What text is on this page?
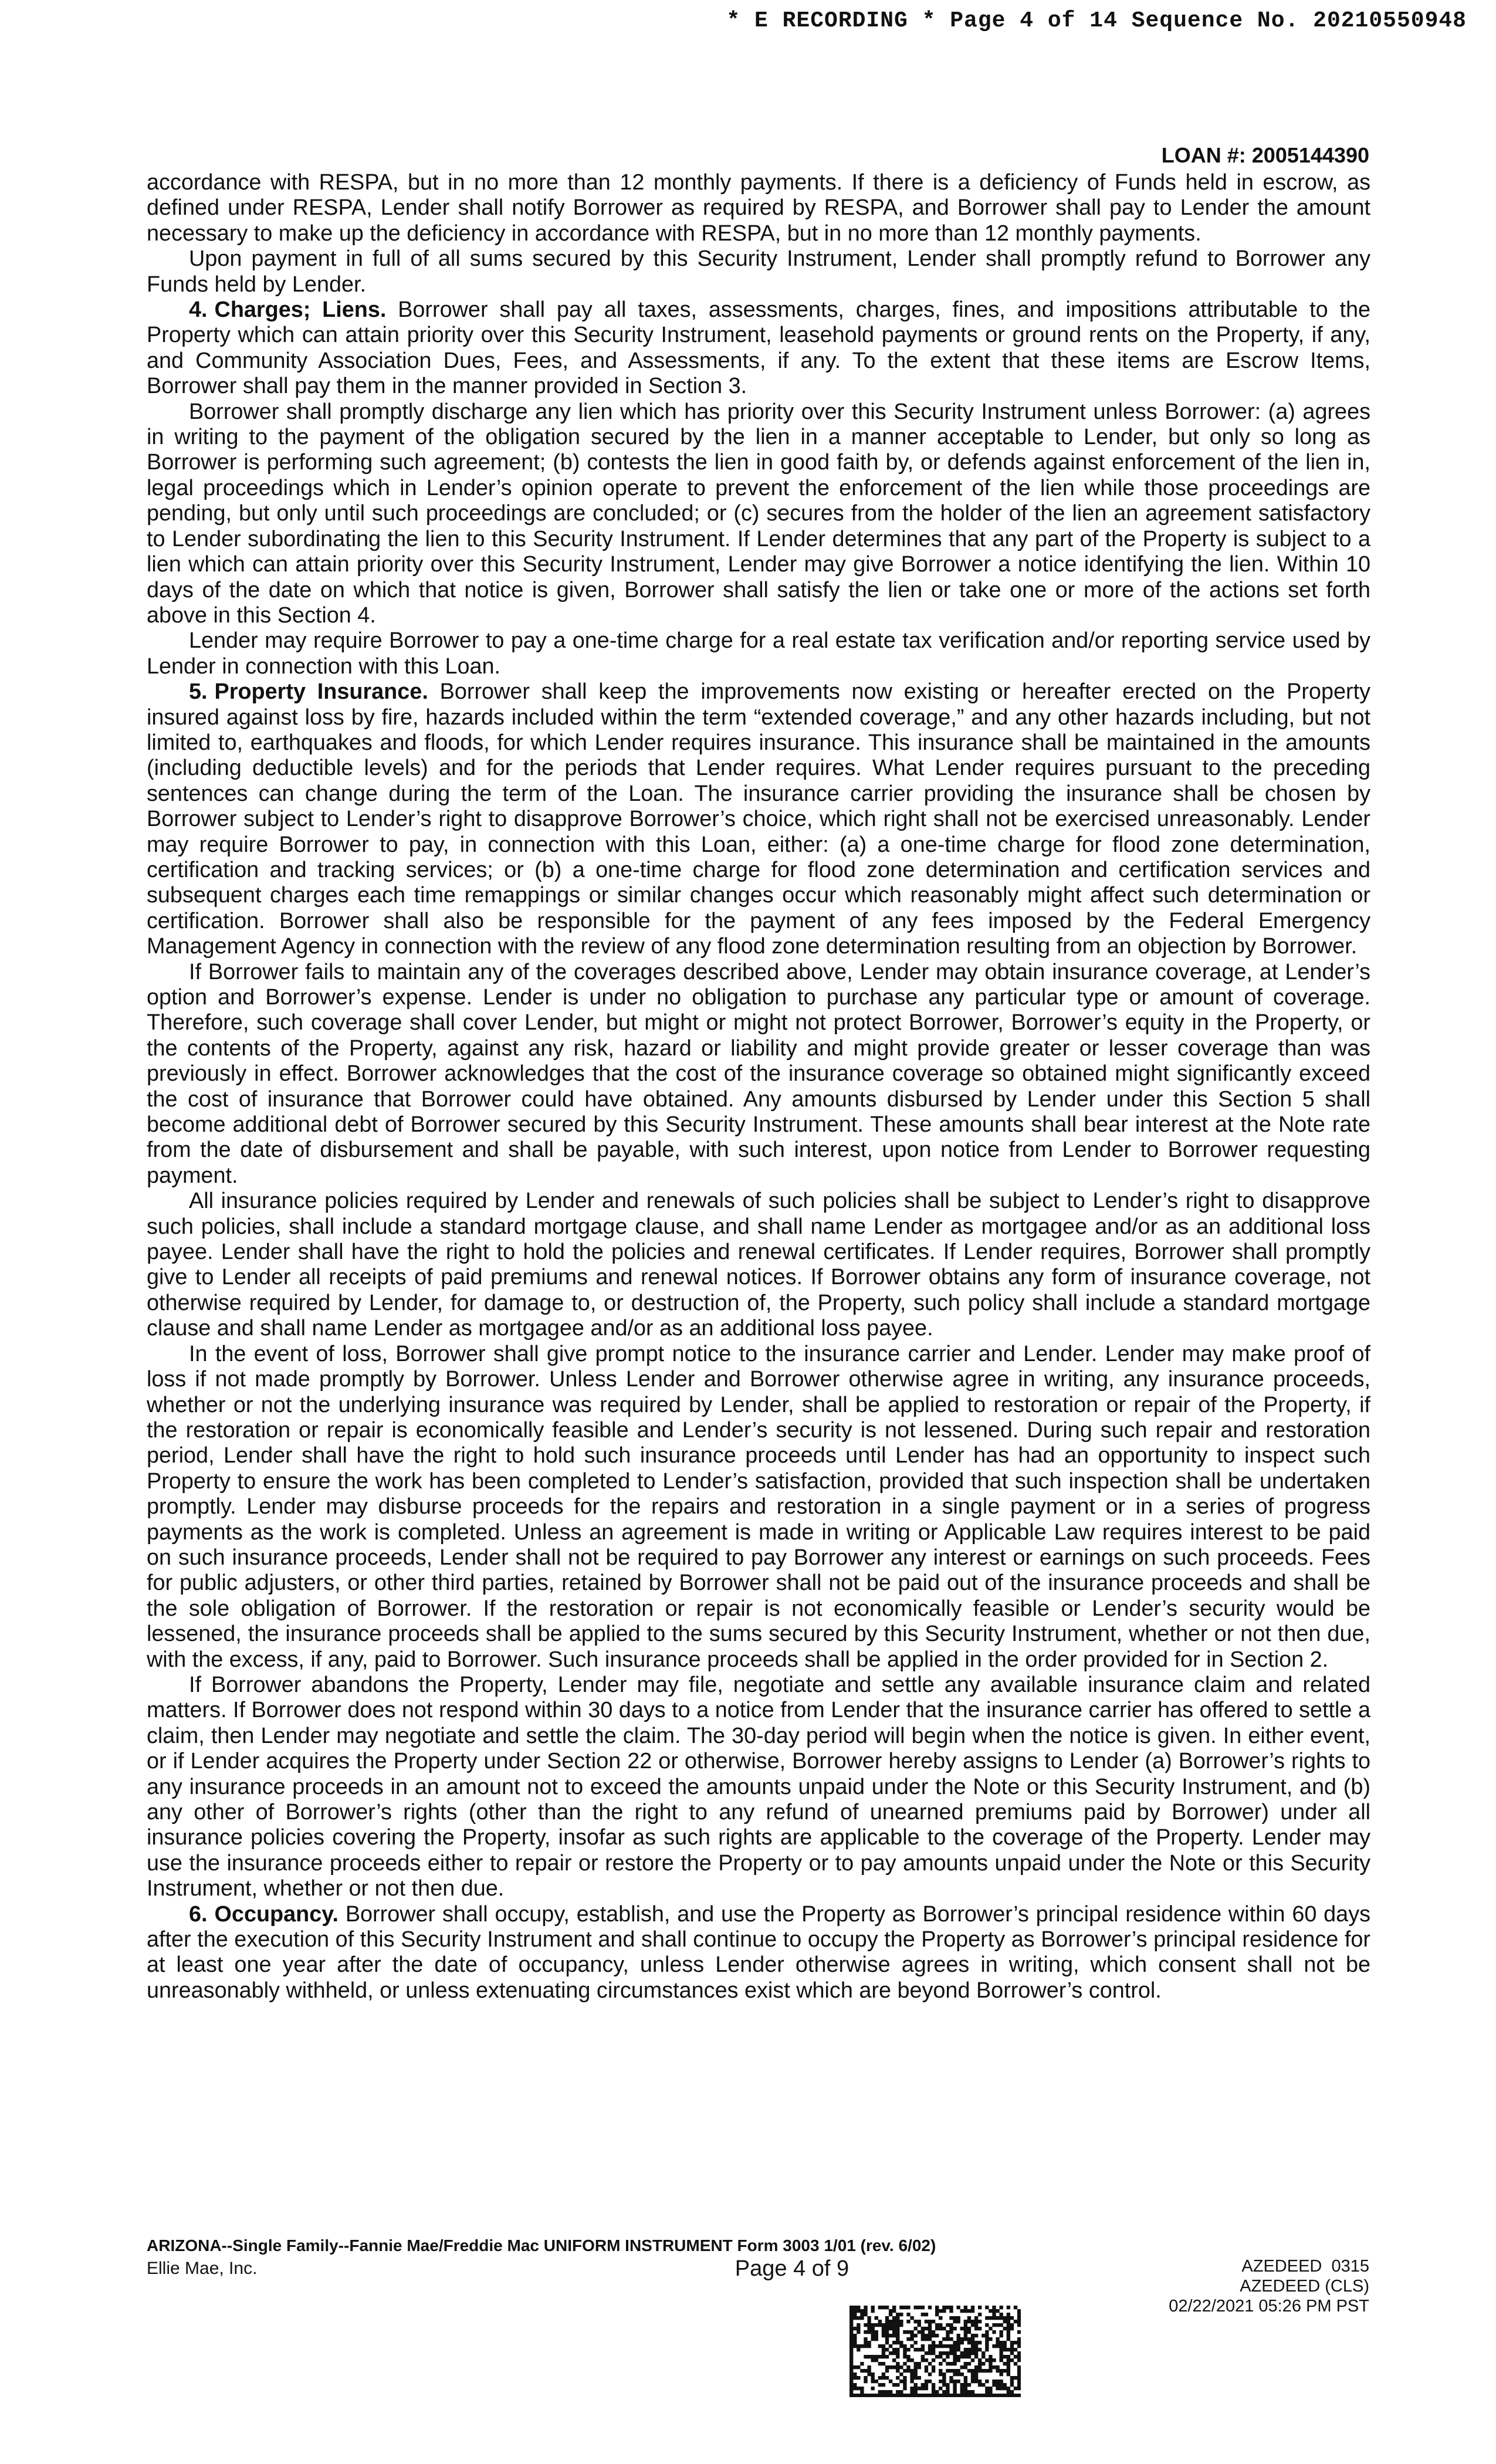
* E RECORDING * Page 4 of 14 Sequence No. 20210550948
LOAN #: 2005144390

accordance with RESPA, but in no more than 12 monthly payments. If there is a deficiency of Funds held in escrow, as defined under RESPA, Lender shall notify Borrower as required by RESPA, and Borrower shall pay to Lender the amount necessary to make up the deficiency in accordance with RESPA, but in no more than 12 monthly payments.

Upon payment in full of all sums secured by this Security Instrument, Lender shall promptly refund to Borrower any Funds held by Lender.

4. Charges; Liens. Borrower shall pay all taxes, assessments, charges, fines, and impositions attributable to the Property which can attain priority over this Security Instrument, leasehold payments or ground rents on the Property, if any, and Community Association Dues, Fees, and Assessments, if any. To the extent that these items are Escrow Items, Borrower shall pay them in the manner provided in Section 3.

Borrower shall promptly discharge any lien which has priority over this Security Instrument unless Borrower: (a) agrees in writing to the payment of the obligation secured by the lien in a manner acceptable to Lender, but only so long as Borrower is performing such agreement; (b) contests the lien in good faith by, or defends against enforcement of the lien in, legal proceedings which in Lender’s opinion operate to prevent the enforcement of the lien while those proceedings are pending, but only until such proceedings are concluded; or (c) secures from the holder of the lien an agreement satisfactory to Lender subordinating the lien to this Security Instrument. If Lender determines that any part of the Property is subject to a lien which can attain priority over this Security Instrument, Lender may give Borrower a notice identifying the lien. Within 10 days of the date on which that notice is given, Borrower shall satisfy the lien or take one or more of the actions set forth above in this Section 4.

Lender may require Borrower to pay a one-time charge for a real estate tax verification and/or reporting service used by Lender in connection with this Loan.

5. Property Insurance. Borrower shall keep the improvements now existing or hereafter erected on the Property insured against loss by fire, hazards included within the term “extended coverage,” and any other hazards including, but not limited to, earthquakes and floods, for which Lender requires insurance. This insurance shall be maintained in the amounts (including deductible levels) and for the periods that Lender requires. What Lender requires pursuant to the preceding sentences can change during the term of the Loan. The insurance carrier providing the insurance shall be chosen by Borrower subject to Lender’s right to disapprove Borrower’s choice, which right shall not be exercised unreasonably. Lender may require Borrower to pay, in connection with this Loan, either: (a) a one-time charge for flood zone determination, certification and tracking services; or (b) a one-time charge for flood zone determination and certification services and subsequent charges each time remappings or similar changes occur which reasonably might affect such determination or certification. Borrower shall also be responsible for the payment of any fees imposed by the Federal Emergency Management Agency in connection with the review of any flood zone determination resulting from an objection by Borrower.

If Borrower fails to maintain any of the coverages described above, Lender may obtain insurance coverage, at Lender’s option and Borrower’s expense. Lender is under no obligation to purchase any particular type or amount of coverage. Therefore, such coverage shall cover Lender, but might or might not protect Borrower, Borrower’s equity in the Property, or the contents of the Property, against any risk, hazard or liability and might provide greater or lesser coverage than was previously in effect. Borrower acknowledges that the cost of the insurance coverage so obtained might significantly exceed the cost of insurance that Borrower could have obtained. Any amounts disbursed by Lender under this Section 5 shall become additional debt of Borrower secured by this Security Instrument. These amounts shall bear interest at the Note rate from the date of disbursement and shall be payable, with such interest, upon notice from Lender to Borrower requesting payment.

All insurance policies required by Lender and renewals of such policies shall be subject to Lender’s right to disapprove such policies, shall include a standard mortgage clause, and shall name Lender as mortgagee and/or as an additional loss payee. Lender shall have the right to hold the policies and renewal certificates. If Lender requires, Borrower shall promptly give to Lender all receipts of paid premiums and renewal notices. If Borrower obtains any form of insurance coverage, not otherwise required by Lender, for damage to, or destruction of, the Property, such policy shall include a standard mortgage clause and shall name Lender as mortgagee and/or as an additional loss payee.

In the event of loss, Borrower shall give prompt notice to the insurance carrier and Lender. Lender may make proof of loss if not made promptly by Borrower. Unless Lender and Borrower otherwise agree in writing, any insurance proceeds, whether or not the underlying insurance was required by Lender, shall be applied to restoration or repair of the Property, if the restoration or repair is economically feasible and Lender’s security is not lessened. During such repair and restoration period, Lender shall have the right to hold such insurance proceeds until Lender has had an opportunity to inspect such Property to ensure the work has been completed to Lender’s satisfaction, provided that such inspection shall be undertaken promptly. Lender may disburse proceeds for the repairs and restoration in a single payment or in a series of progress payments as the work is completed. Unless an agreement is made in writing or Applicable Law requires interest to be paid on such insurance proceeds, Lender shall not be required to pay Borrower any interest or earnings on such proceeds. Fees for public adjusters, or other third parties, retained by Borrower shall not be paid out of the insurance proceeds and shall be the sole obligation of Borrower. If the restoration or repair is not economically feasible or Lender’s security would be lessened, the insurance proceeds shall be applied to the sums secured by this Security Instrument, whether or not then due, with the excess, if any, paid to Borrower. Such insurance proceeds shall be applied in the order provided for in Section 2.

If Borrower abandons the Property, Lender may file, negotiate and settle any available insurance claim and related matters. If Borrower does not respond within 30 days to a notice from Lender that the insurance carrier has offered to settle a claim, then Lender may negotiate and settle the claim. The 30-day period will begin when the notice is given. In either event, or if Lender acquires the Property under Section 22 or otherwise, Borrower hereby assigns to Lender (a) Borrower’s rights to any insurance proceeds in an amount not to exceed the amounts unpaid under the Note or this Security Instrument, and (b) any other of Borrower’s rights (other than the right to any refund of unearned premiums paid by Borrower) under all insurance policies covering the Property, insofar as such rights are applicable to the coverage of the Property. Lender may use the insurance proceeds either to repair or restore the Property or to pay amounts unpaid under the Note or this Security Instrument, whether or not then due.

6. Occupancy. Borrower shall occupy, establish, and use the Property as Borrower’s principal residence within 60 days after the execution of this Security Instrument and shall continue to occupy the Property as Borrower’s principal residence for at least one year after the date of occupancy, unless Lender otherwise agrees in writing, which consent shall not be unreasonably withheld, or unless extenuating circumstances exist which are beyond Borrower’s control.

ARIZONA--Single Family--Fannie Mae/Freddie Mac UNIFORM INSTRUMENT Form 3003 1/01 (rev. 6/02)
Ellie Mae, Inc.	Page 4 of 9	AZEDEED  0315
AZEDEED (CLS)
02/22/2021 05:26 PM PST
